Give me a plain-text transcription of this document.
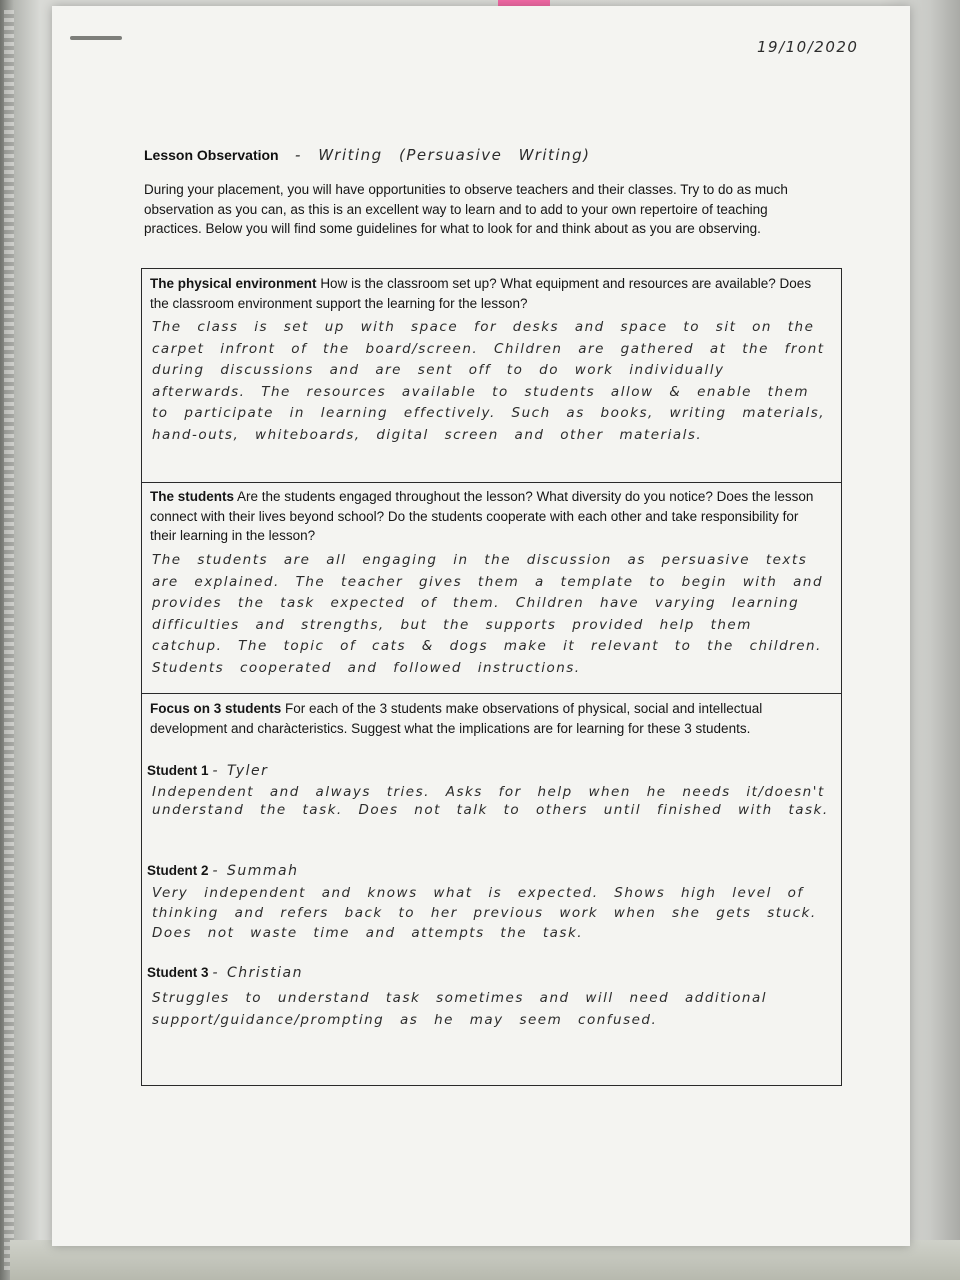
19/10/2020
Lesson Observation - Writing (Persuasive Writing)
During your placement, you will have opportunities to observe teachers and their classes. Try to do as much observation as you can, as this is an excellent way to learn and to add to your own repertoire of teaching practices. Below you will find some guidelines for what to look for and think about as you are observing.
The physical environment How is the classroom set up? What equipment and resources are available? Does the classroom environment support the learning for the lesson?
The class is set up with space for desks and space to sit on the carpet infront of the board/screen. Children are gathered at the front during discussions and are sent off to do work individually afterwards. The resources available to students allow & enable them to participate in learning effectively. Such as books, writing materials, hand-outs, whiteboards, digital screen and other materials.
The students Are the students engaged throughout the lesson? What diversity do you notice? Does the lesson connect with their lives beyond school? Do the students cooperate with each other and take responsibility for their learning in the lesson?
The students are all engaging in the discussion as persuasive texts are explained. The teacher gives them a template to begin with and provides the task expected of them. Children have varying learning difficulties and strengths, but the supports provided help them catchup. The topic of cats & dogs make it relevant to the children. Students cooperated and followed instructions.
Focus on 3 students For each of the 3 students make observations of physical, social and intellectual development and charàcteristics. Suggest what the implications are for learning for these 3 students.
Student 1 - Tyler
Independent and always tries. Asks for help when he needs it/doesn't understand the task. Does not talk to others until finished with task.
Student 2 - Summah
Very independent and knows what is expected. Shows high level of thinking and refers back to her previous work when she gets stuck. Does not waste time and attempts the task.
Student 3 - Christian
Struggles to understand task sometimes and will need additional support/guidance/prompting as he may seem confused.
